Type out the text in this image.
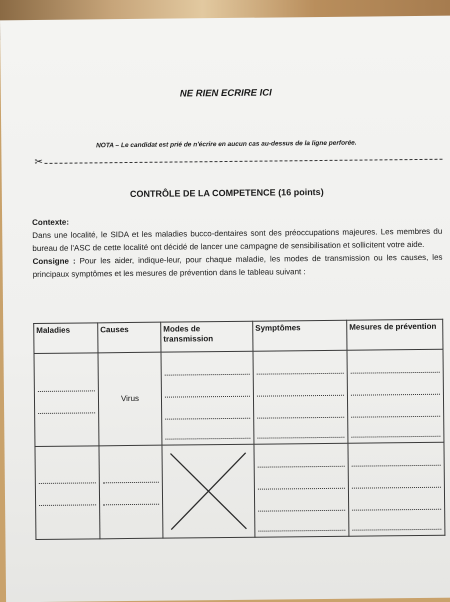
NE RIEN ECRIRE ICI
NOTA – Le candidat est prié de n'écrire en aucun cas au-dessus de la ligne perforée.
✂
CONTRÔLE DE LA COMPETENCE (16 points)

Contexte:

Dans une localité, le SIDA et les maladies bucco-dentaires sont des préoccupations majeures. Les membres du bureau de l'ASC de cette localité ont décidé de lancer une campagne de sensibilisation et sollicitent votre aide.

Consigne : Pour les aider, indique-leur, pour chaque maladie, les modes de transmission ou les causes, les principaux symptômes et les mesures de prévention dans le tableau suivant :

Maladies	Causes	Modes de transmission	Symptômes	Mesures de prévention

	Virus			
